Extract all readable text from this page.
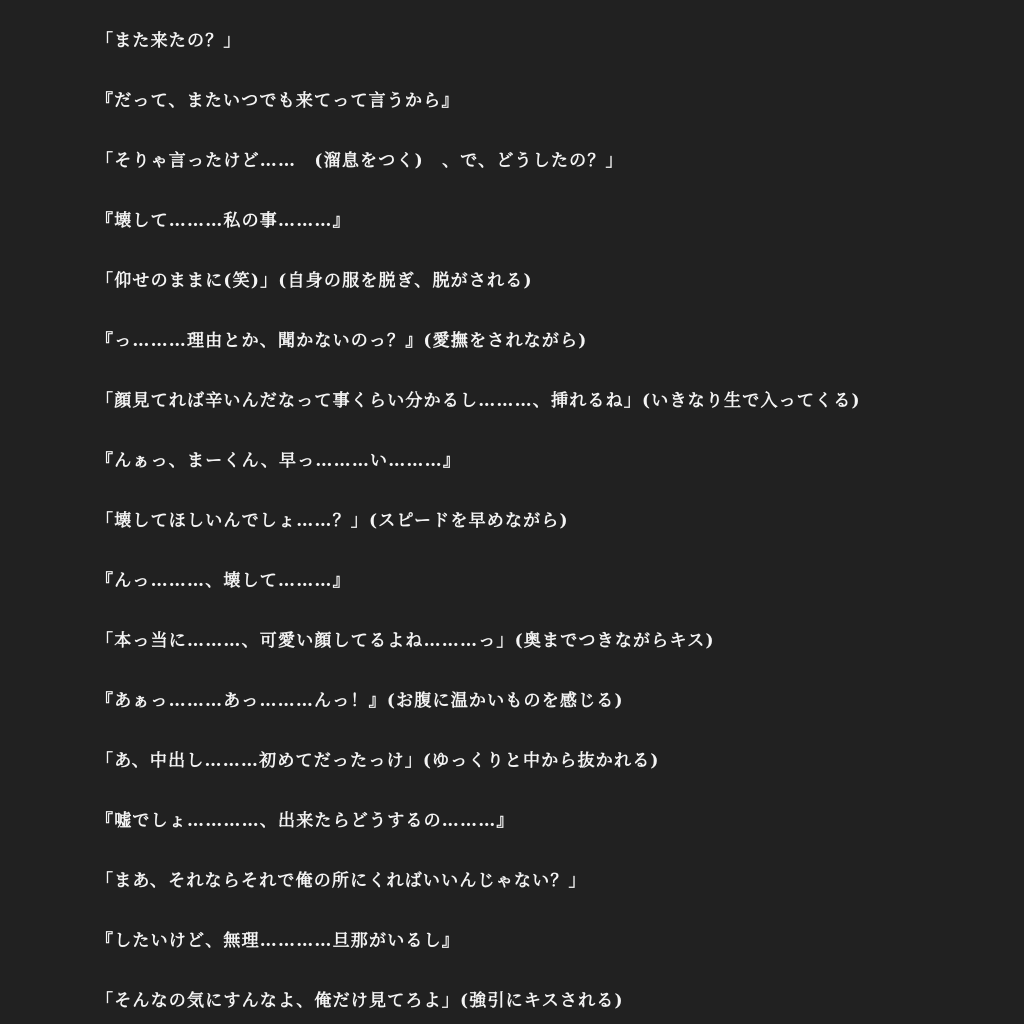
「また来たの？」
『だって、またいつでも来てって言うから』
「そりゃ言ったけど……　(溜息をつく)　、で、どうしたの？」
『壊して………私の事………』
「仰せのままに(笑)」(自身の服を脱ぎ、脱がされる)
『っ………理由とか、聞かないのっ？』(愛撫をされながら)
「顔見てれば辛いんだなって事くらい分かるし………、挿れるね」(いきなり生で入ってくる)
『んぁっ、まーくん、早っ………い………』
「壊してほしいんでしょ……？」(スピードを早めながら)
『んっ………、壊して………』
「本っ当に………、可愛い顔してるよね………っ」(奥までつきながらキス)
『あぁっ………あっ………んっ！』(お腹に温かいものを感じる)
「あ、中出し………初めてだったっけ」(ゆっくりと中から抜かれる)
『嘘でしょ…………、出来たらどうするの………』
「まあ、それならそれで俺の所にくればいいんじゃない？」
『したいけど、無理…………旦那がいるし』
「そんなの気にすんなよ、俺だけ見てろよ」(強引にキスされる)
